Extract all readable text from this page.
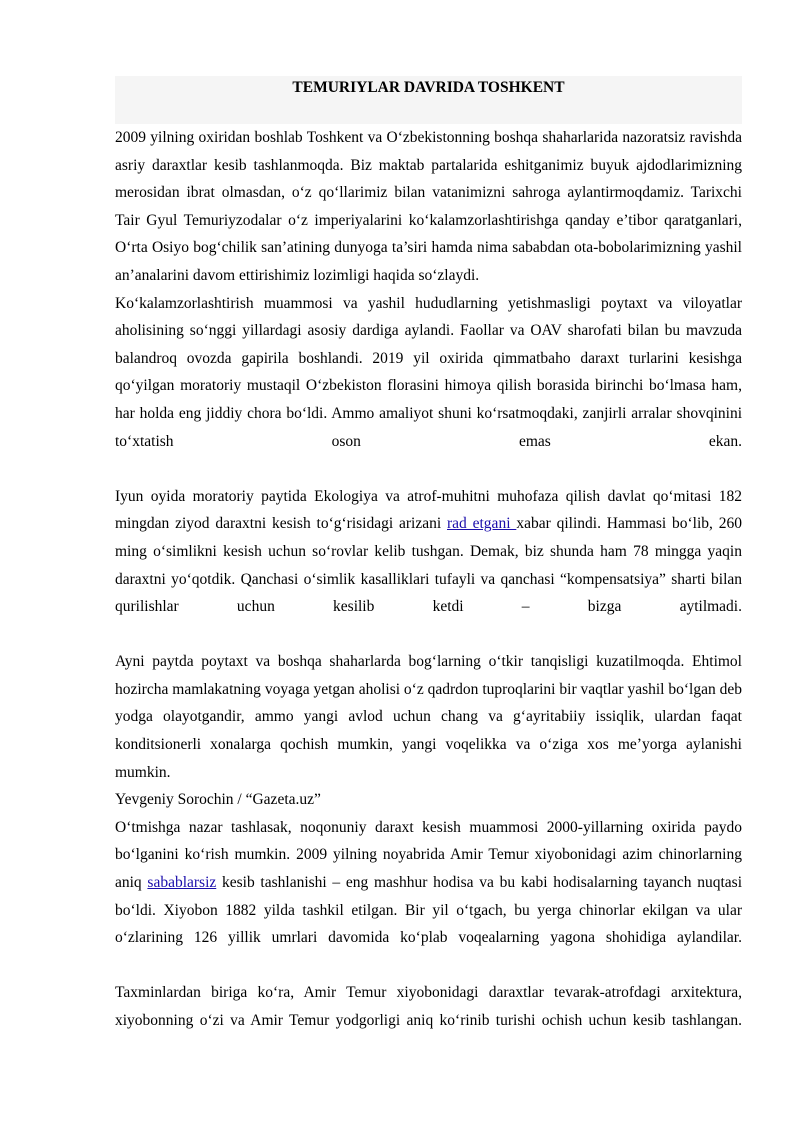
TEMURIYLAR DAVRIDA TOSHKENT

2009 yilning oxiridan boshlab Toshkent va O‘zbekistonning boshqa shaharlarida nazoratsiz ravishda asriy daraxtlar kesib tashlanmoqda. Biz maktab partalarida eshitganimiz buyuk ajdodlarimizning merosidan ibrat olmasdan, o‘z qo‘llarimiz bilan vatanimizni sahroga aylantirmoqdamiz. Tarixchi Tair Gyul Temuriyzodalar o‘z imperiyalarini ko‘kalamzorlashtirishga qanday e’tibor qaratganlari, O‘rta Osiyo bog‘chilik san’atining dunyoga ta’siri hamda nima sababdan ota-bobolarimizning yashil an’analarini davom ettirishimiz lozimligi haqida so‘zlaydi.

Ko‘kalamzorlashtirish muammosi va yashil hududlarning yetishmasligi poytaxt va viloyatlar aholisining so‘nggi yillardagi asosiy dardiga aylandi. Faollar va OAV sharofati bilan bu mavzuda balandroq ovozda gapirila boshlandi. 2019 yil oxirida qimmatbaho daraxt turlarini kesishga qo‘yilgan moratoriy mustaqil O‘zbekiston florasini himoya qilish borasida birinchi bo‘lmasa ham, har holda eng jiddiy chora bo‘ldi. Ammo amaliyot shuni ko‘rsatmoqdaki, zanjirli arralar shovqinini to‘xtatish oson emas ekan.

Iyun oyida moratoriy paytida Ekologiya va atrof-muhitni muhofaza qilish davlat qo‘mitasi 182 mingdan ziyod daraxtni kesish to‘g‘risidagi arizani rad etgani xabar qilindi. Hammasi bo‘lib, 260 ming o‘simlikni kesish uchun so‘rovlar kelib tushgan. Demak, biz shunda ham 78 mingga yaqin daraxtni yo‘qotdik. Qanchasi o‘simlik kasalliklari tufayli va qanchasi “kompensatsiya” sharti bilan qurilishlar uchun kesilib ketdi – bizga aytilmadi.

Ayni paytda poytaxt va boshqa shaharlarda bog‘larning o‘tkir tanqisligi kuzatilmoqda. Ehtimol hozircha mamlakatning voyaga yetgan aholisi o‘z qadrdon tuproqlarini bir vaqtlar yashil bo‘lgan deb yodga olayotgandir, ammo yangi avlod uchun chang va g‘ayritabiiy issiqlik, ulardan faqat konditsionerli xonalarga qochish mumkin, yangi voqelikka va o‘ziga xos me’yorga aylanishi mumkin.

Yevgeniy Sorochin / “Gazeta.uz”

O‘tmishga nazar tashlasak, noqonuniy daraxt kesish muammosi 2000-yillarning oxirida paydo bo‘lganini ko‘rish mumkin. 2009 yilning noyabrida Amir Temur xiyobonidagi azim chinorlarning aniq sabablarsiz kesib tashlanishi – eng mashhur hodisa va bu kabi hodisalarning tayanch nuqtasi bo‘ldi. Xiyobon 1882 yilda tashkil etilgan. Bir yil o‘tgach, bu yerga chinorlar ekilgan va ular o‘zlarining 126 yillik umrlari davomida ko‘plab voqealarning yagona shohidiga aylandilar.

Taxminlardan biriga ko‘ra, Amir Temur xiyobonidagi daraxtlar tevarak-atrofdagi arxitektura, xiyobonning o‘zi va Amir Temur yodgorligi aniq ko‘rinib turishi ochish uchun kesib tashlangan.
